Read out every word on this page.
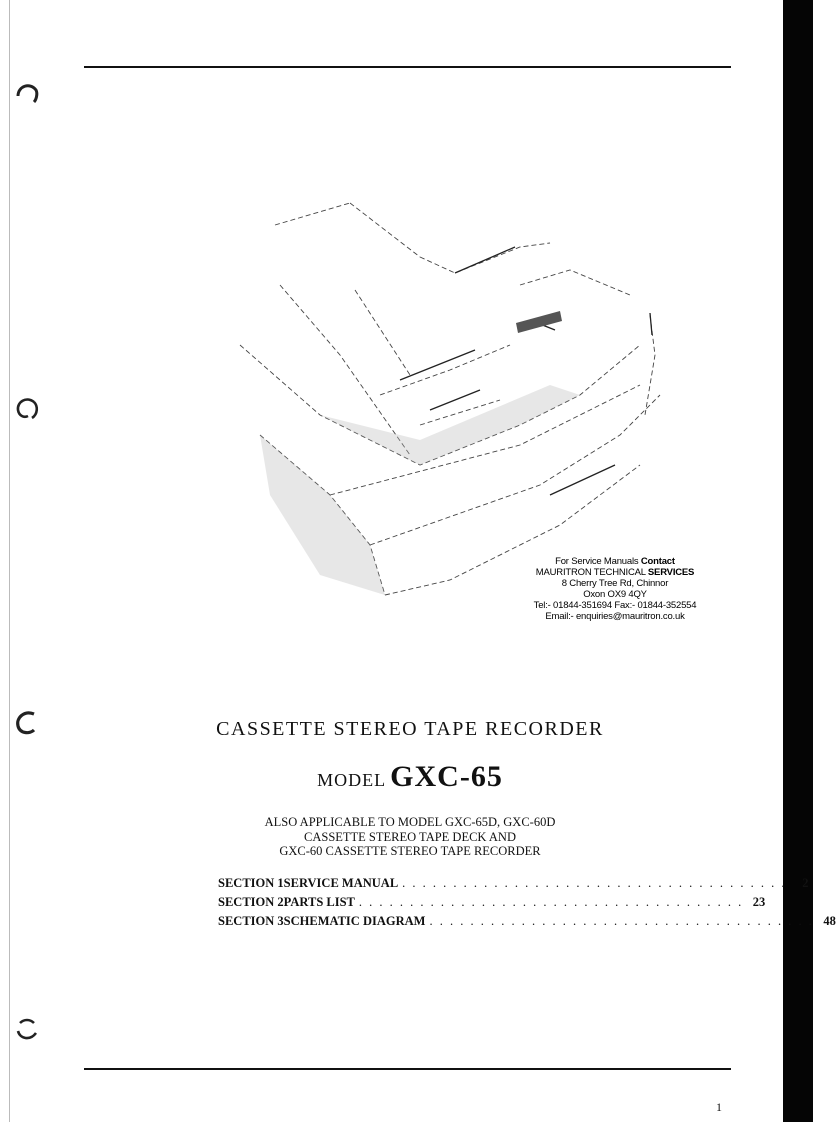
For Service Manuals Contact
MAURITRON TECHNICAL SERVICES
8 Cherry Tree Rd, Chinnor
Oxon OX9 4QY
Tel:- 01844-351694 Fax:- 01844-352554
Email:- enquiries@mauritron.co.uk
CASSETTE STEREO TAPE RECORDER
MODEL GXC-65
ALSO APPLICABLE TO MODEL GXC-65D, GXC-60D
CASSETTE STEREO TAPE DECK AND
GXC-60 CASSETTE STEREO TAPE RECORDER
SECTION 1 SERVICE MANUAL . . . . . . . . . . . . . . . . . . . . . . . . . . . . . . . . . . . . . .	2
SECTION 2 PARTS LIST . . . . . . . . . . . . . . . . . . . . . . . . . . . . . . . . . . . . . . 23
SECTION 3 SCHEMATIC DIAGRAM . . . . . . . . . . . . . . . . . . . . . . . . . . . . . . . . . . . . . . 48
1
